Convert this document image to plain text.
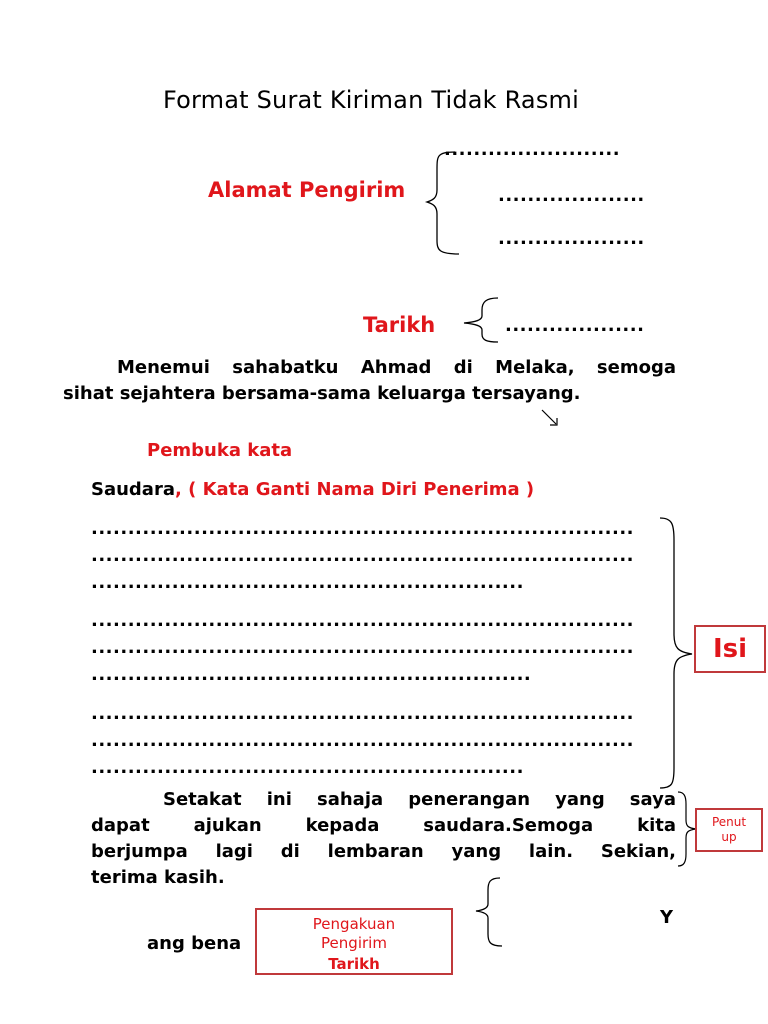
Format Surat Kiriman Tidak Rasmi
........................
Alamat Pengirim	....................
....................
Tarikh	...................
Menemui sahabatku Ahmad di Melaka, semoga
sihat sejahtera bersama-sama keluarga tersayang.
Pembuka kata
Saudara, ( Kata Ganti Nama Diri Penerima )
..........................................................................
..........................................................................
...........................................................
..........................................................................
..........................................................................
............................................................
..........................................................................
..........................................................................
...........................................................
Isi
Setakat ini sahaja penerangan yang saya
dapat ajukan kepada saudara.Semoga kita
berjumpa lagi di lembaran yang lain. Sekian,
terima kasih.
Penut
up
Y
ang bena
Pengakuan
Pengirim
Tarikh
